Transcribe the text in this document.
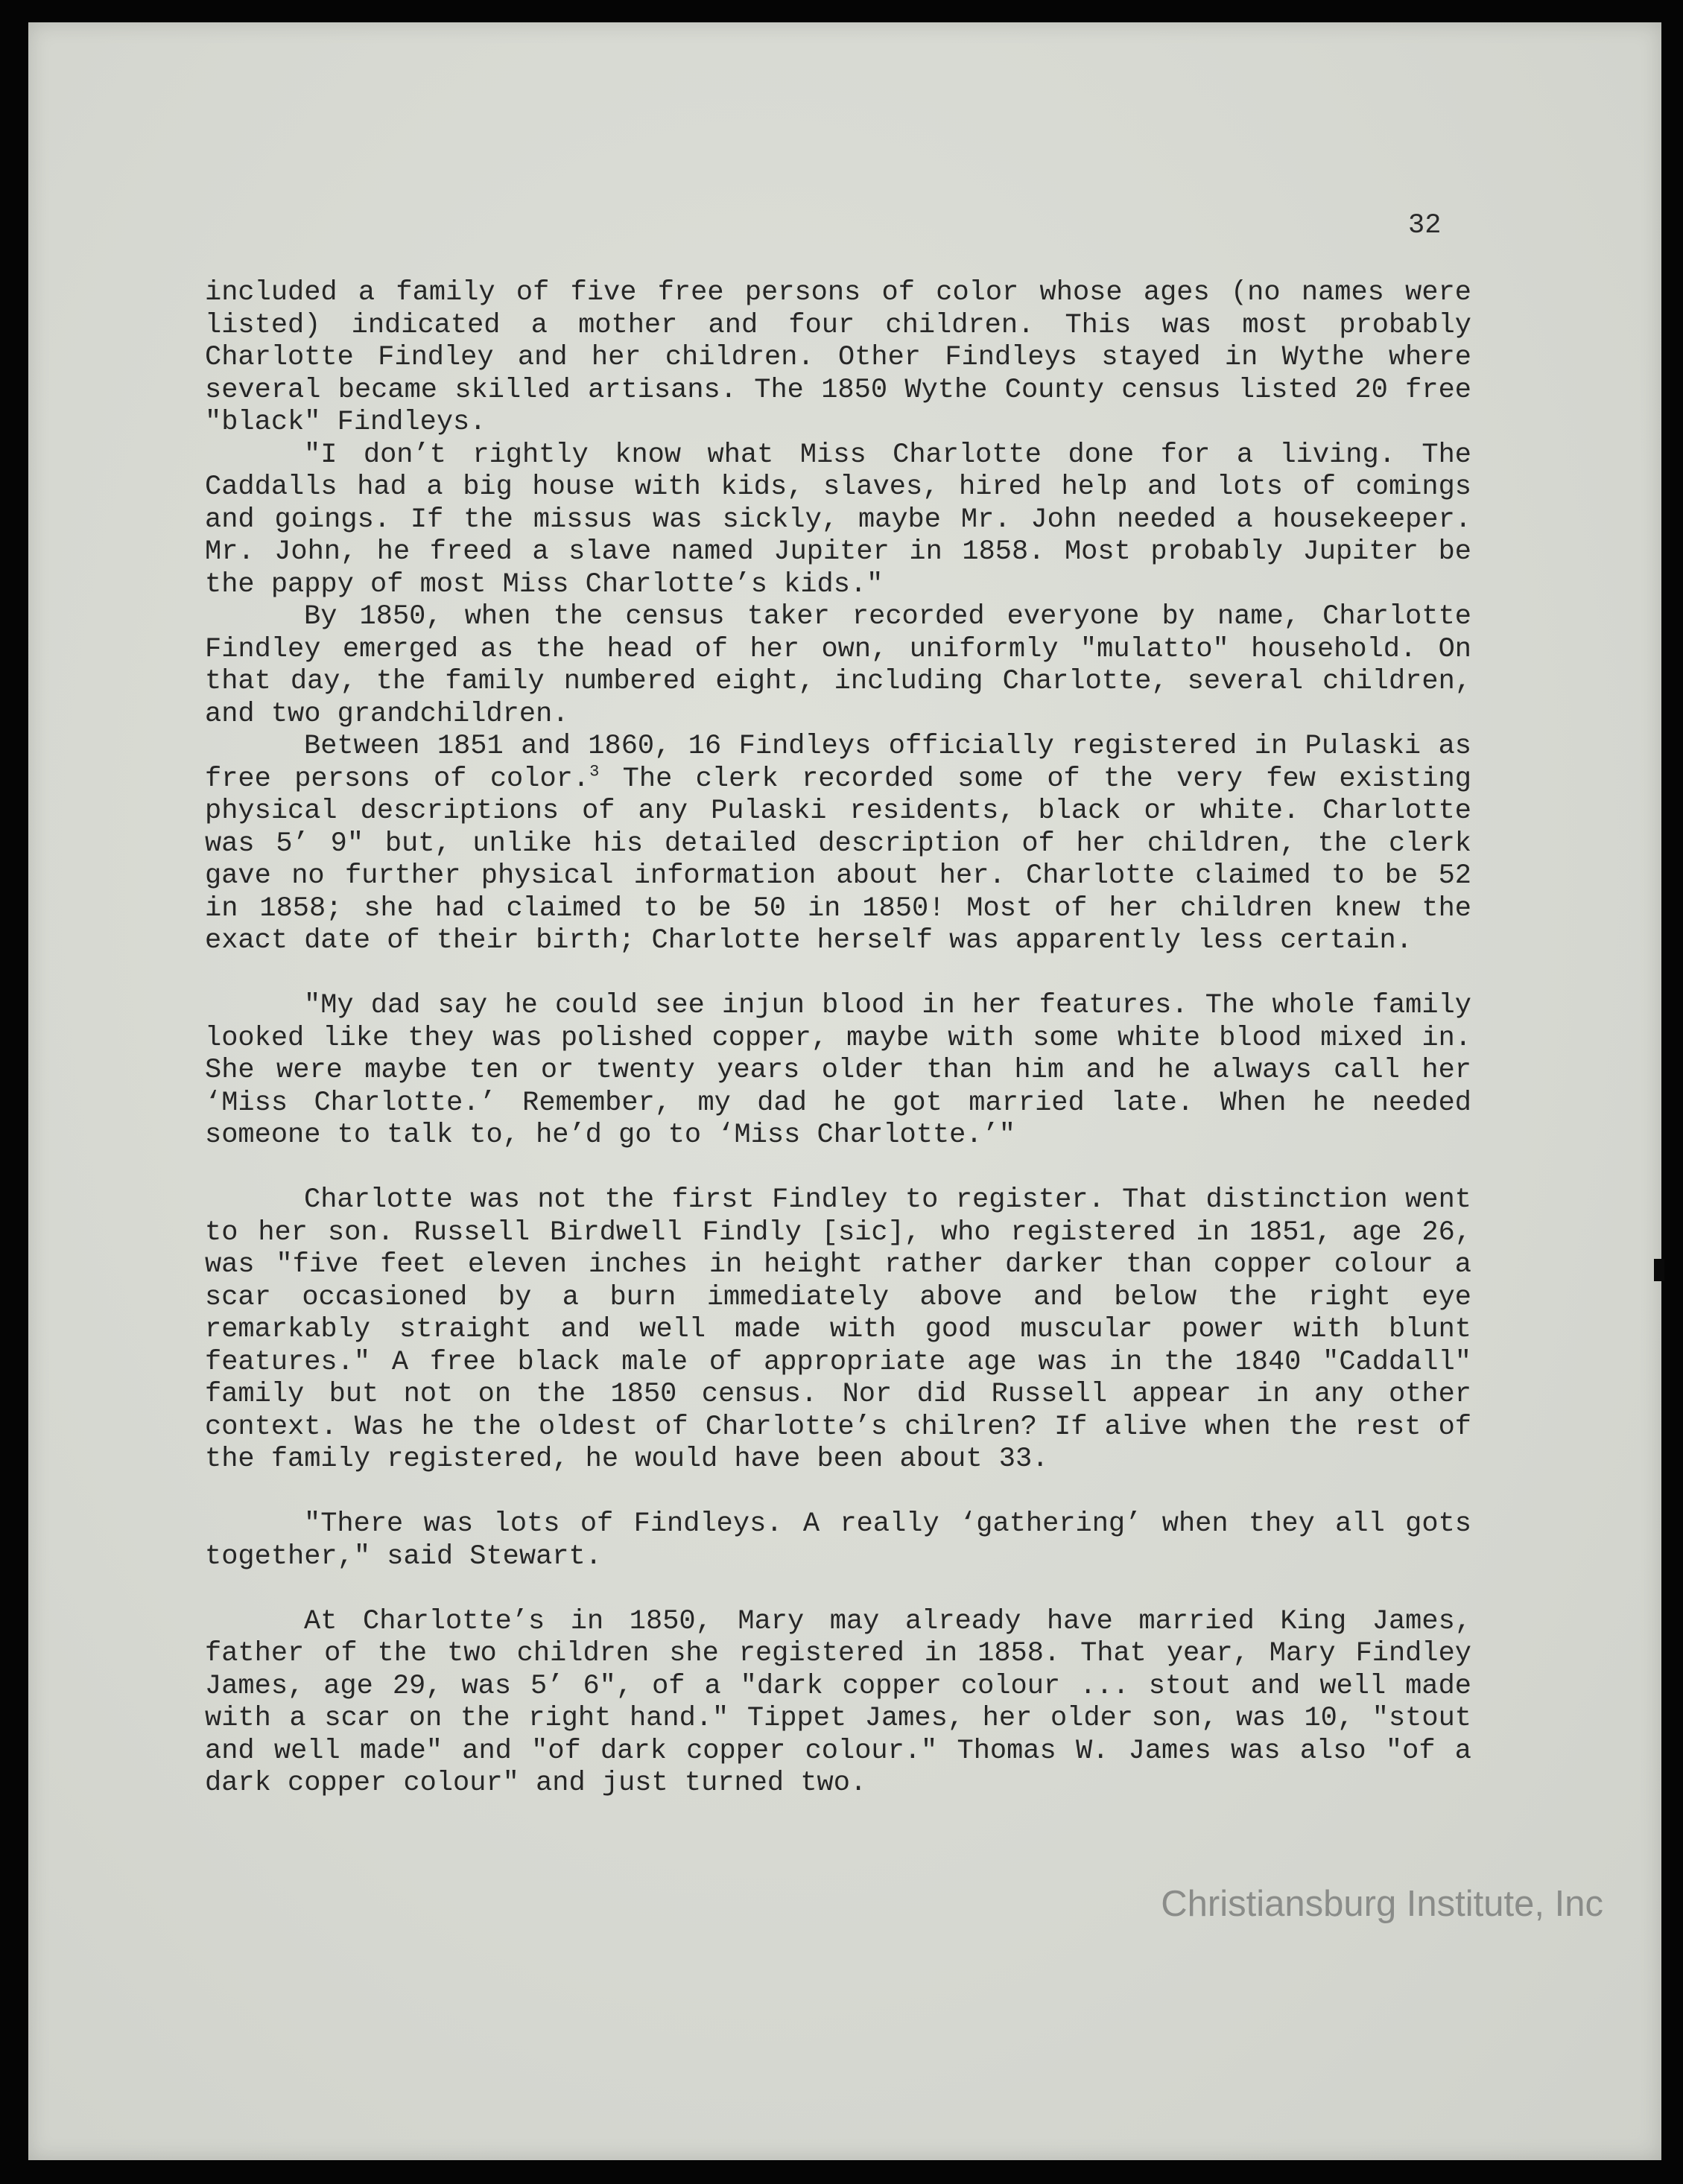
32

included a family of five free persons of color whose ages (no names were listed) indicated a mother and four children. This was most probably Charlotte Findley and her children. Other Findleys stayed in Wythe where several became skilled artisans. The 1850 Wythe County census listed 20 free "black" Findleys.

"I don’t rightly know what Miss Charlotte done for a living. The Caddalls had a big house with kids, slaves, hired help and lots of comings and goings. If the missus was sickly, maybe Mr. John needed a housekeeper. Mr. John, he freed a slave named Jupiter in 1858. Most probably Jupiter be the pappy of most Miss Charlotte’s kids."

By 1850, when the census taker recorded everyone by name, Charlotte Findley emerged as the head of her own, uniformly "mulatto" household. On that day, the family numbered eight, including Charlotte, several children, and two grandchildren.

Between 1851 and 1860, 16 Findleys officially registered in Pulaski as free persons of color.$^3$ The clerk recorded some of the very few existing physical descriptions of any Pulaski residents, black or white. Charlotte was 5’ 9" but, unlike his detailed description of her children, the clerk gave no further physical information about her. Charlotte claimed to be 52 in 1858; she had claimed to be 50 in 1850! Most of her children knew the exact date of their birth; Charlotte herself was apparently less certain.

"My dad say he could see injun blood in her features. The whole family looked like they was polished copper, maybe with some white blood mixed in. She were maybe ten or twenty years older than him and he always call her ‘Miss Charlotte.’ Remember, my dad he got married late. When he needed someone to talk to, he’d go to ‘Miss Charlotte.’"

Charlotte was not the first Findley to register. That distinction went to her son. Russell Birdwell Findly [sic], who registered in 1851, age 26, was "five feet eleven inches in height rather darker than copper colour a scar occasioned by a burn immediately above and below the right eye remarkably straight and well made with good muscular power with blunt features." A free black male of appropriate age was in the 1840 "Caddall" family but not on the 1850 census. Nor did Russell appear in any other context. Was he the oldest of Charlotte’s chilren? If alive when the rest of the family registered, he would have been about 33.

"There was lots of Findleys. A really ‘gathering’ when they all gots together," said Stewart.

At Charlotte’s in 1850, Mary may already have married King James, father of the two children she registered in 1858. That year, Mary Findley James, age 29, was 5’ 6", of a "dark copper colour ... stout and well made with a scar on the right hand." Tippet James, her older son, was 10, "stout and well made" and "of dark copper colour." Thomas W. James was also "of a dark copper colour" and just turned two.

Christiansburg Institute, Inc
